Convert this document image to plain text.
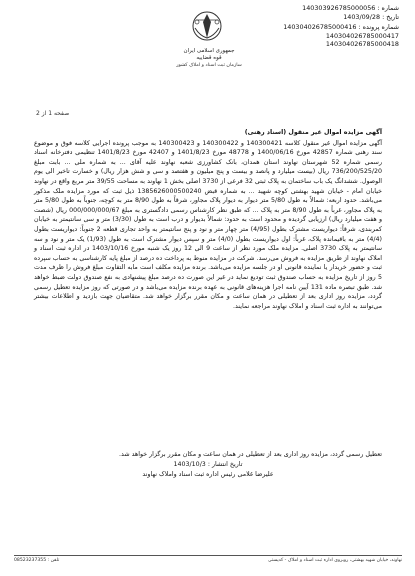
شماره : 140303926785000056
تاریخ : 1403/09/28
شماره پرونده : 140304026785000416
140304026785000417
140304026785000418
جمهوری اسلامی ایران
قوه قضاییه
سازمان ثبت اسناد و املاک کشور
صفحه 1 از 2
آگهی مزایده اموال غیر منقول (اسناد رهنی)

آگهی مزایده اموال غیر منقول کلاسه 140300421 و 140300422 و 140300423 به موجب پرونده اجرایی کلاسه فوق و موضوع سند رهنی شماره 42857 مورخ 1400/06/16 و 48778 مورخ 1401/8/23 و 42407 مورخ 1401/8/23 تنظیمی دفترخانه اسناد رسمی شماره 52 شهرستان نهاوند استان همدان، بانک کشاورزی شعبه نهاوند علیه آقای ... به شماره ملی ... بابت مبلغ 736/200/525/20 ریال (بیست میلیارد و پانصد و بیست و پنج میلیون و هفتصد و سی و شش هزار ریال) و خسارت تاخیر الی یوم الوصول. ششدانگ یک باب ساختمان به پلاک ثبتی 32 فرعی از 3730 اصلی بخش 1 نهاوند به مساحت 39/55 متر مربع واقع در نهاوند خیابان امام - خیابان شهید بهشتی کوچه شهید ... به شماره قبض 1385626000500240 ذیل ثبت که مورد مزایده ملک مذکور می‌باشد. حدود اربعه: شمالاً به طول 5/80 متر دیوار به دیوار پلاک مجاور، شرقاً به طول 8/90 متر به کوچه، جنوباً به طول 5/80 متر به پلاک مجاور، غرباً به طول 8/90 متر به پلاک ... که طبق نظر کارشناس رسمی دادگستری به مبلغ 000/000/000/67 ریال (شصت و هفت میلیارد ریال) ارزیابی گردیده و محدود است به حدود: شمالاً بدیوار و درب است به طول (3/30) متر و سی سانتیمتر به خیابان کمربندی، شرقاً: دیواریست مشترک بطول (4/95) متر چهار متر و نود و پنج سانتیمتر به واحد تجاری قطعه 2 جنوباً: دیواریست بطول (4/4) متر به باقیمانده پلاک، غرباً: اول دیواریست بطول (4/0) متر و سپس دیوار مشترک است به طول (1/93) یک متر و نود و سه سانتیمتر به پلاک 3730 اصلی. مزایده ملک مورد نظر از ساعت 9 الی 12 روز یک شنبه مورخ 1403/10/16 در اداره ثبت اسناد و املاک نهاوند از طریق مزایده به فروش می‌رسد. شرکت در مزایده منوط به پرداخت ده درصد از مبلغ پایه کارشناسی به حساب سپرده ثبت و حضور خریدار یا نماینده قانونی او در جلسه مزایده می‌باشد. برنده مزایده مکلف است مابه التفاوت مبلغ فروش را ظرف مدت 5 روز از تاریخ مزایده به حساب صندوق ثبت تودیع نماید در غیر این صورت ده درصد مبلغ پیشنهادی به نفع صندوق دولت ضبط خواهد شد. طبق تبصره ماده 131 آیین نامه اجرا هزینه‌های قانونی به عهده برنده مزایده می‌باشد و در صورتی که روز مزایده تعطیل رسمی گردد، مزایده روز اداری بعد از تعطیلی در همان ساعت و مکان مقرر برگزار خواهد شد. متقاضیان جهت بازدید و اطلاعات بیشتر می‌توانند به اداره ثبت اسناد و املاک نهاوند مراجعه نمایند.

تعطیل رسمی گردد، مزایده روز اداری بعد از تعطیلی در همان ساعت و مکان مقرر برگزار خواهد شد.
تاریخ انتشار : 1403/10/3
علیرضا غلامی رئیس اداره ثبت اسناد واملاک نهاوند
نهاوند، خیابان شهید بهشتی، روبروی اداره ثبت اسناد و املاک - کدپستی
08523237355 : تلفن
